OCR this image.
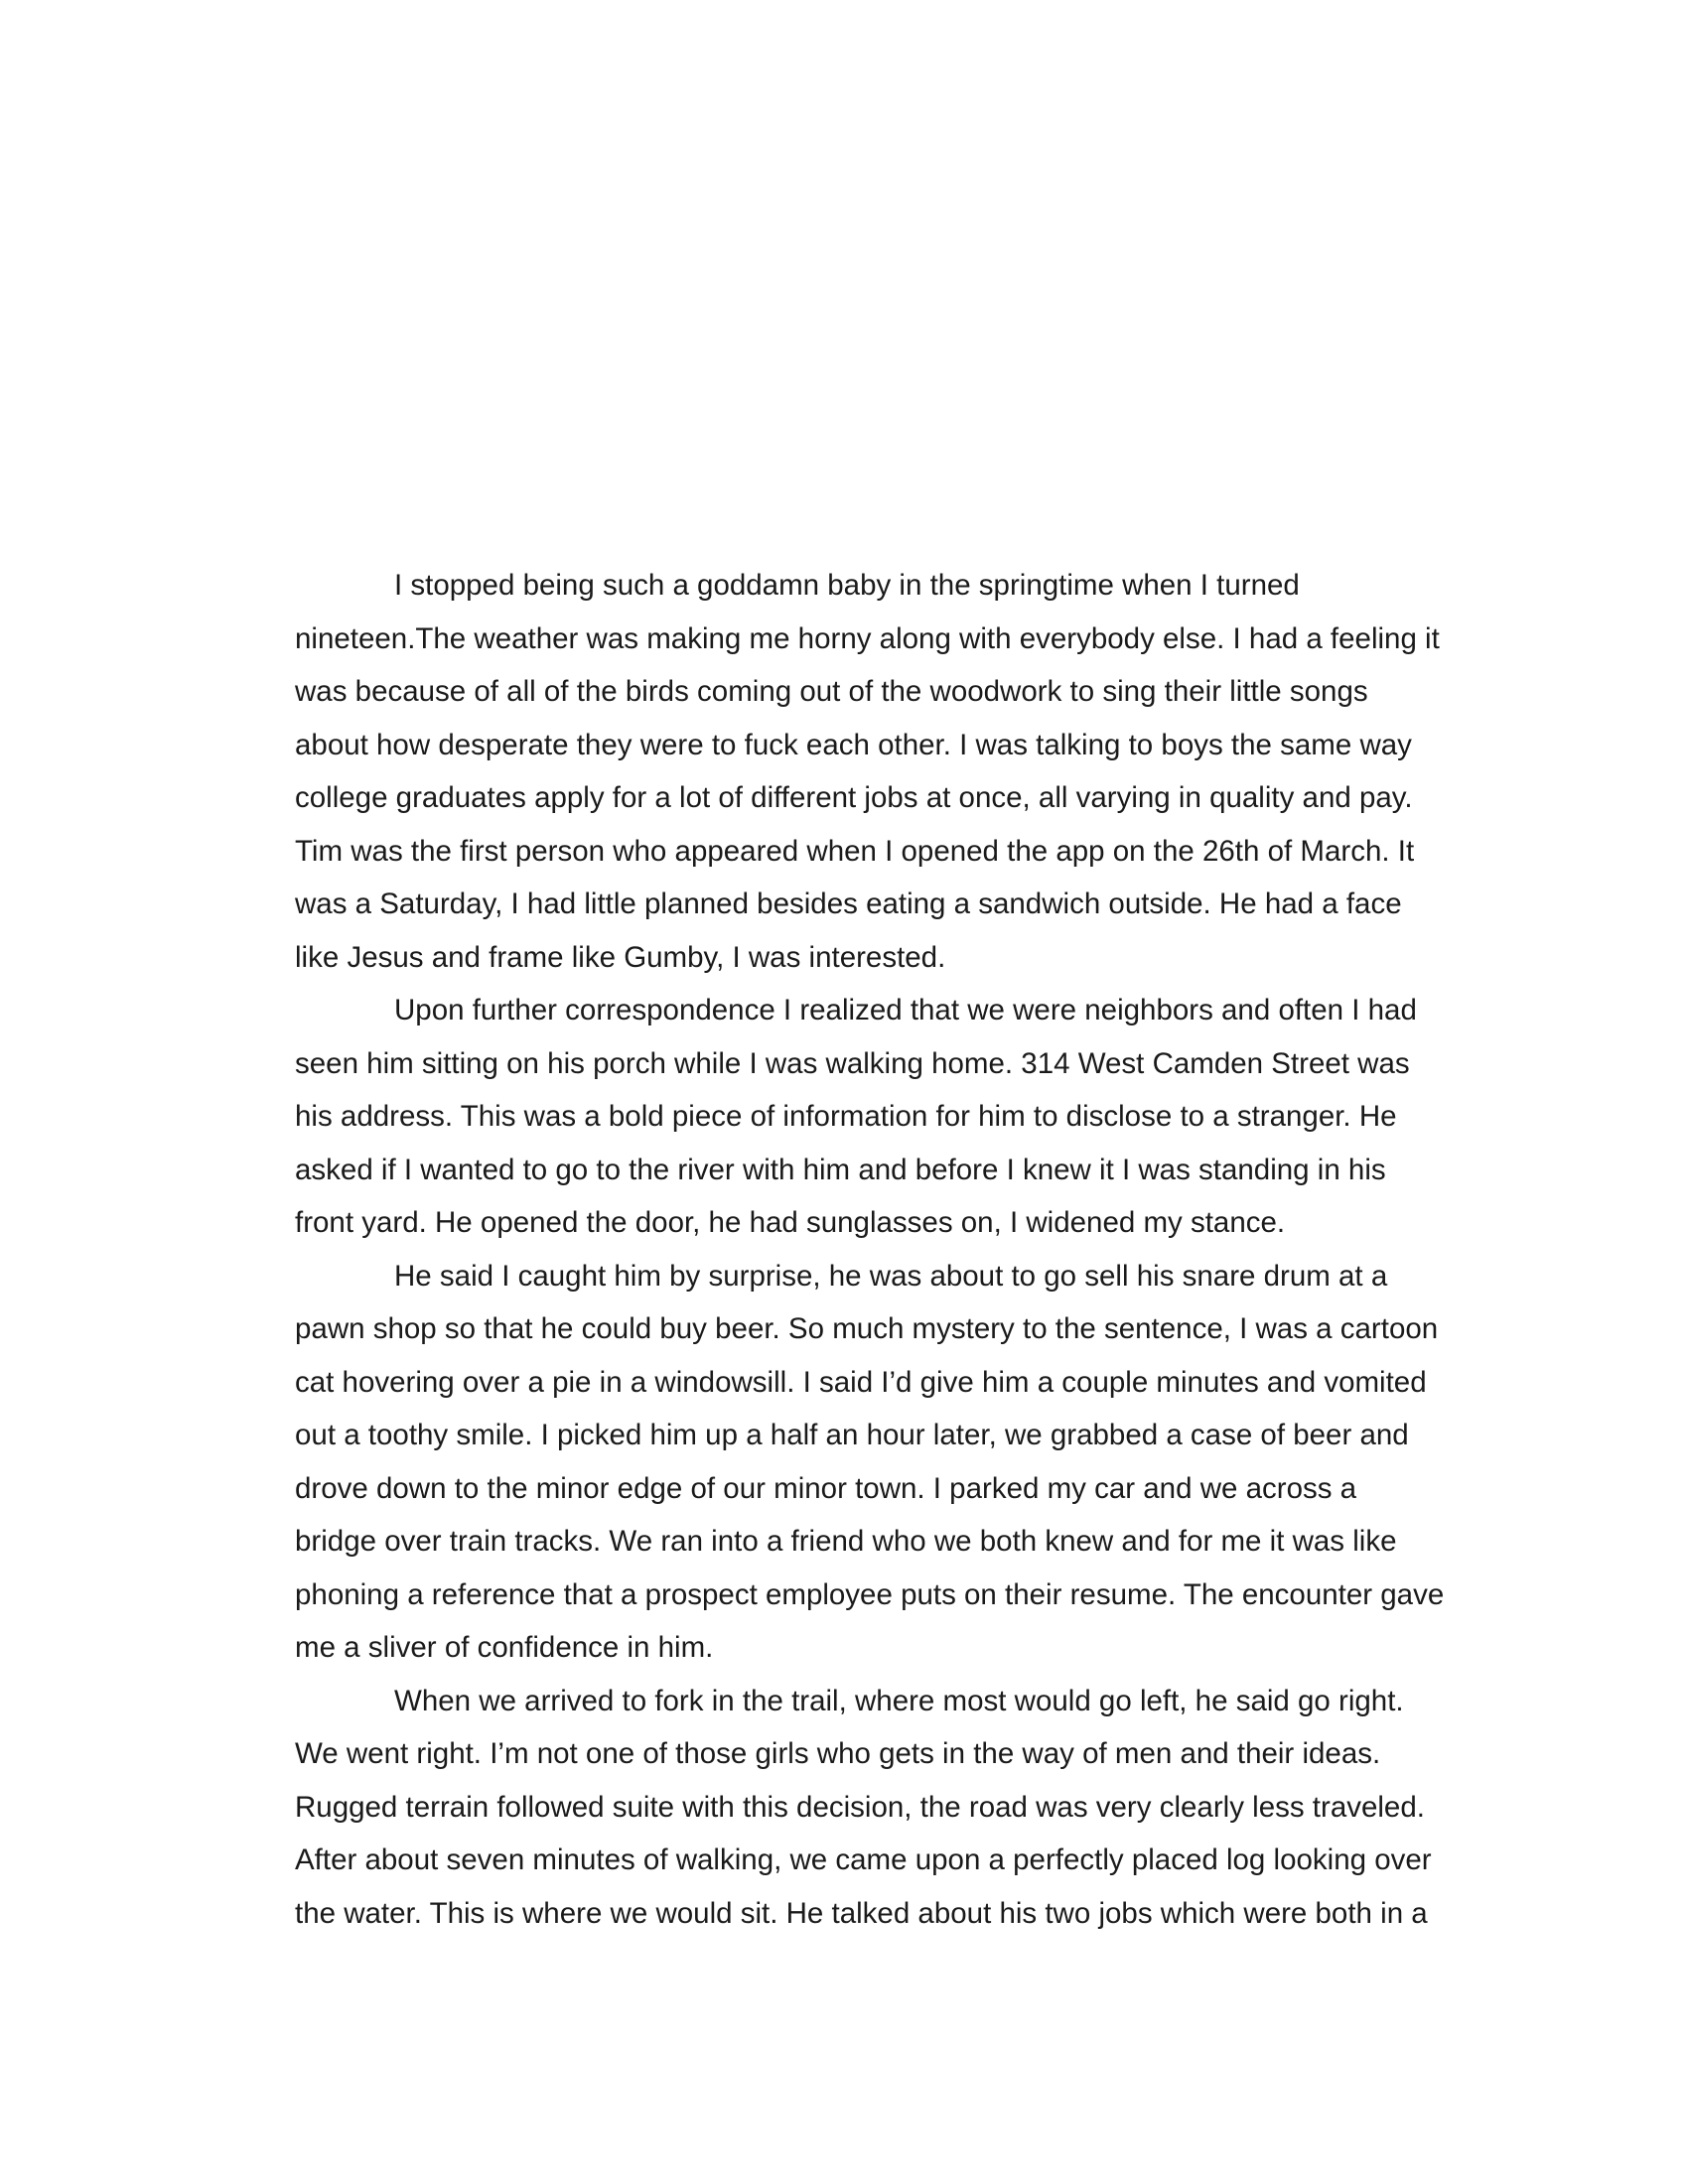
I stopped being such a goddamn baby in the springtime when I turned
nineteen.The weather was making me horny along with everybody else. I had a feeling it
was because of all of the birds coming out of the woodwork to sing their little songs
about how desperate they were to fuck each other. I was talking to boys the same way
college graduates apply for a lot of different jobs at once, all varying in quality and pay.
Tim was the first person who appeared when I opened the app on the 26th of March. It
was a Saturday, I had little planned besides eating a sandwich outside. He had a face
like Jesus and frame like Gumby, I was interested.
Upon further correspondence I realized that we were neighbors and often I had
seen him sitting on his porch while I was walking home. 314 West Camden Street was
his address. This was a bold piece of information for him to disclose to a stranger. He
asked if I wanted to go to the river with him and before I knew it I was standing in his
front yard. He opened the door, he had sunglasses on, I widened my stance.
He said I caught him by surprise, he was about to go sell his snare drum at a
pawn shop so that he could buy beer. So much mystery to the sentence, I was a cartoon
cat hovering over a pie in a windowsill. I said I’d give him a couple minutes and vomited
out a toothy smile. I picked him up a half an hour later, we grabbed a case of beer and
drove down to the minor edge of our minor town. I parked my car and we across a
bridge over train tracks. We ran into a friend who we both knew and for me it was like
phoning a reference that a prospect employee puts on their resume. The encounter gave
me a sliver of confidence in him.
When we arrived to fork in the trail, where most would go left, he said go right.
We went right. I’m not one of those girls who gets in the way of men and their ideas.
Rugged terrain followed suite with this decision, the road was very clearly less traveled.
After about seven minutes of walking, we came upon a perfectly placed log looking over
the water. This is where we would sit. He talked about his two jobs which were both in a
